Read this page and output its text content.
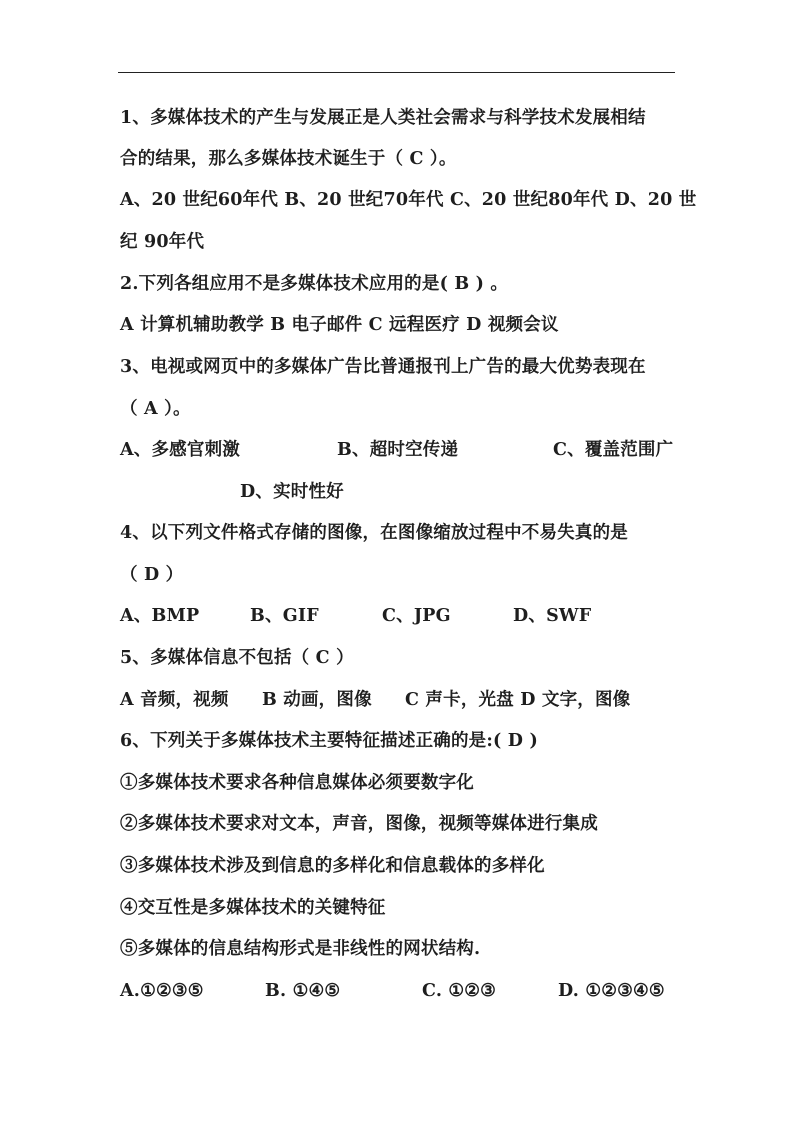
1、多媒体技术的产生与发展正是人类社会需求与科学技术发展相结
合的结果，那么多媒体技术诞生于（ C ）。
A、20 世纪60年代 B、20 世纪70年代 C、20 世纪80年代 D、20 世
纪 90年代
2.下列各组应用不是多媒体技术应用的是( B ) 。
A 计算机辅助教学 B 电子邮件 C 远程医疗 D 视频会议
3、电视或网页中的多媒体广告比普通报刊上广告的最大优势表现在
（ A ）。
A、多感官刺激	B、超时空传递	C、覆盖范围广
D、实时性好
4、以下列文件格式存储的图像，在图像缩放过程中不易失真的是
（ D ）
A、BMP	B、GIF	C、JPG	D、SWF
5、多媒体信息不包括（ C ）
A 音频，视频 B 动画，图像 C 声卡，光盘 D 文字，图像
6、下列关于多媒体技术主要特征描述正确的是:( D )
①多媒体技术要求各种信息媒体必须要数字化
②多媒体技术要求对文本，声音，图像，视频等媒体进行集成
③多媒体技术涉及到信息的多样化和信息载体的多样化
④交互性是多媒体技术的关键特征
⑤多媒体的信息结构形式是非线性的网状结构.
A.①②③⑤	B. ①④⑤	C. ①②③	D. ①②③④⑤
